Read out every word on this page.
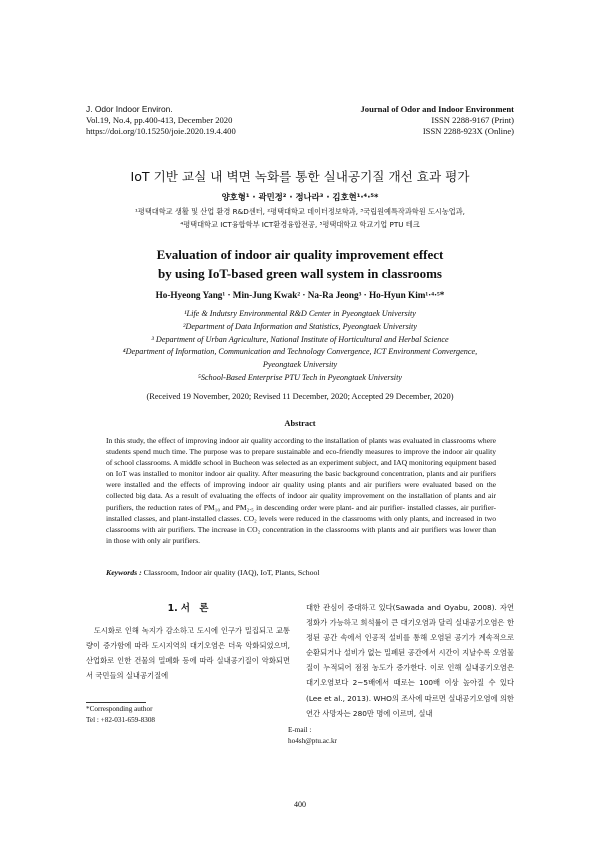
J. Odor Indoor Environ.
Vol.19, No.4, pp.400-413, December 2020
https://doi.org/10.15250/joie.2020.19.4.400
Journal of Odor and Indoor Environment
ISSN 2288-9167 (Print)
ISSN 2288-923X (Online)
IoT 기반 교실 내 벽면 녹화를 통한 실내공기질 개선 효과 평가
양호형¹ · 곽민정² · 정나라³ · 김호현¹·⁴·⁵*
¹평택대학교 생활 및 산업 환경 R&D센터, ²평택대학교 데이터정보학과, ³국립원예특작과학원 도시농업과,
⁴평택대학교 ICT융합학부 ICT환경융합전공, ⁵평택대학교 학교기업 PTU 테크
Evaluation of indoor air quality improvement effect
by using IoT-based green wall system in classrooms
Ho-Hyeong Yang¹ · Min-Jung Kwak² · Na-Ra Jeong³ · Ho-Hyun Kim¹·⁴·⁵*
¹Life & Indutsry Environmental R&D Center in Pyeongtaek University
²Department of Data Information and Statistics, Pyeongtaek University
³ Department of Urban Agriculture, National Institute of Horticultural and Herbal Science
⁴Department of Information, Communication and Technology Convergence, ICT Environment Convergence,
Pyeongtaek University
⁵School-Based Enterprise PTU Tech in Pyeongtaek University
(Received 19 November, 2020; Revised 11 December, 2020; Accepted 29 December, 2020)
Abstract
In this study, the effect of improving indoor air quality according to the installation of plants was evaluated in classrooms where students spend much time. The purpose was to prepare sustainable and eco-friendly measures to improve the indoor air quality of school classrooms. A middle school in Bucheon was selected as an experiment subject, and IAQ monitoring equipment based on IoT was installed to monitor indoor air quality. After measuring the basic background concentration, plants and air purifiers were installed and the effects of improving indoor air quality using plants and air purifiers were evaluated based on the collected big data. As a result of evaluating the effects of indoor air quality improvement on the installation of plants and air purifiers, the reduction rates of PM₁₀ and PM₂.₅ in descending order were plant- and air purifier- installed classes, air purifier-installed classes, and plant-installed classes. CO₂ levels were reduced in the classrooms with only plants, and increased in two classrooms with air purifiers. The increase in CO₂ concentration in the classrooms with plants and air purifiers was lower than in those with only air purifiers.
Keywords : Classroom, Indoor air quality (IAQ), IoT, Plants, School
1. 서　론
　도시화로 인해 녹지가 감소하고 도시에 인구가 밀집되고 교통량이 증가함에 따라 도시지역의 대기오염은 더욱 악화되었으며, 산업화로 인한 건물의 밀폐화 등에 따라 실내공기질이 악화되면서 국민들의 실내공기질에
대한 관심이 증대하고 있다(Sawada and Oyabu, 2008). 자연정화가 가능하고 희석률이 큰 대기오염과 달리 실내공기오염은 한정된 공간 속에서 인공적 설비를 통해 오염된 공기가 계속적으로 순환되거나 설비가 없는 밀폐된 공간에서 시간이 지날수록 오염물질이 누적되어 점점 농도가 증가한다. 이로 인해 실내공기오염은 대기오염보다 2~5배에서 때로는 100배 이상 높아질 수 있다(Lee et al., 2013). WHO의 조사에 따르면 실내공기오염에 의한 연간 사망자는 280만 명에 이르며, 실내
*Corresponding author
Tel : +82-031-659-8308
E-mail : ho4sh@ptu.ac.kr
400
